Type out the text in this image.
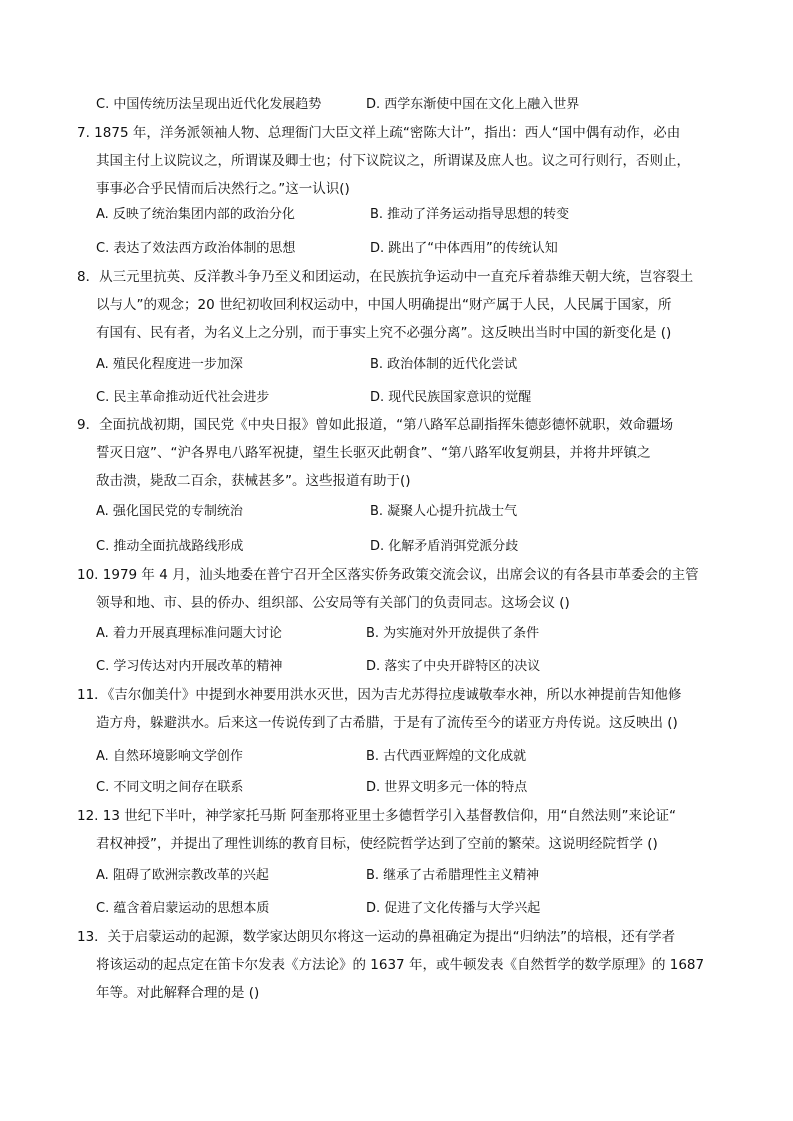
C. 中国传统历法呈现出近代化发展趋势	D. 西学东渐使中国在文化上融入世界
7. 1875 年，洋务派领袖人物、总理衙门大臣文祥上疏“密陈大计”，指出：西人“国中偶有动作，必由
其国主付上议院议之，所谓谋及卿士也；付下议院议之，所谓谋及庶人也。议之可行则行，否则止，
事事必合乎民情而后决然行之。”这一认识()
A. 反映了统治集团内部的政治分化	B. 推动了洋务运动指导思想的转变
C. 表达了效法西方政治体制的思想	D. 跳出了“中体西用”的传统认知
8．从三元里抗英、反洋教斗争乃至义和团运动，在民族抗争运动中一直充斥着恭维天朝大统，岂容裂土
以与人”的观念；20 世纪初收回利权运动中，中国人明确提出“财产属于人民，人民属于国家，所
有国有、民有者，为名义上之分别，而于事实上究不必强分离”。这反映出当时中国的新变化是 ()
A. 殖民化程度进一步加深	B. 政治体制的近代化尝试
C. 民主革命推动近代社会进步	D. 现代民族国家意识的觉醒
9．全面抗战初期，国民党《中央日报》曾如此报道，“第八路军总副指挥朱德彭德怀就职，效命疆场
誓灭日寇”、“沪各界电八路军祝捷，望生长驱灭此朝食”、“第八路军收复朔县，并将井坪镇之
敌击溃，毙敌二百余，获械甚多”。这些报道有助于()
A. 强化国民党的专制统治	B. 凝聚人心提升抗战士气
C. 推动全面抗战路线形成	D. 化解矛盾消弭党派分歧
10. 1979 年 4 月，汕头地委在普宁召开全区落实侨务政策交流会议，出席会议的有各县市革委会的主管
领导和地、市、县的侨办、组织部、公安局等有关部门的负责同志。这场会议 ()
A. 着力开展真理标准问题大讨论	B. 为实施对外开放提供了条件
C. 学习传达对内开展改革的精神	D. 落实了中央开辟特区的决议
11．《吉尔伽美什》中提到水神要用洪水灭世，因为吉尤苏得拉虔诚敬奉水神，所以水神提前告知他修
造方舟，躲避洪水。后来这一传说传到了古希腊，于是有了流传至今的诺亚方舟传说。这反映出 ()
A. 自然环境影响文学创作	B. 古代西亚辉煌的文化成就
C. 不同文明之间存在联系	D. 世界文明多元一体的特点
12. 13 世纪下半叶，神学家托马斯 阿奎那将亚里士多德哲学引入基督教信仰，用“自然法则”来论证“
君权神授”，并提出了理性训练的教育目标，使经院哲学达到了空前的繁荣。这说明经院哲学 ()
A. 阻碍了欧洲宗教改革的兴起	B. 继承了古希腊理性主义精神
C. 蕴含着启蒙运动的思想本质	D. 促进了文化传播与大学兴起
13．关于启蒙运动的起源，数学家达朗贝尔将这一运动的鼻祖确定为提出“归纳法”的培根，还有学者
将该运动的起点定在笛卡尔发表《方法论》的 1637 年，或牛顿发表《自然哲学的数学原理》的 1687
年等。对此解释合理的是 ()
